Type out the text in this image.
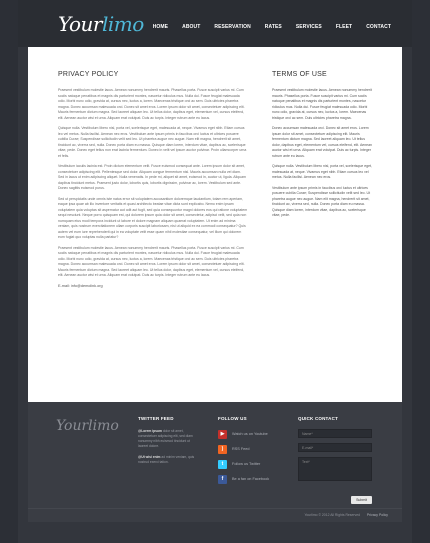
Yourlimo	HOME	ABOUT	RESERVATION	RATES	SERVICES	FLEET	CONTACT
PRIVACY POLICY

Praesent vestibulum molestie lacus. Aenean nonummy hendrerit mauris. Phasellus porta. Fusce suscipit varius mi. Cum sociis natoque penatibus et magnis dis parturient montes, nascetur ridiculus mus. Nulla dui. Fusce feugiat malesuada odio. Morbi nunc odio, gravida at, cursus nec, luctus a, lorem. Maecenas tristique orci ac sem. Duis ultricies pharetra magna. Donec accumsan malesuada orci. Donec sit amet eros. Lorem ipsum dolor sit amet, consectetuer adipiscing elit. Mauris fermentum dictum magna. Sed laoreet aliquam leo. Ut tellus dolor, dapibus eget, elementum vel, cursus eleifend, elit. Aenean auctor wisi et urna. Aliquam erat volutpat. Duis ac turpis. Integer rutrum ante eu lacus.

Quisque nulla. Vestibulum libero nisl, porta vel, scelerisque eget, malesuada at, neque. Vivamus eget nibh. Etiam cursus leo vel metus. Nulla facilisi. Aenean nec eros. Vestibulum ante ipsum primis in faucibus orci luctus et ultrices posuere cubilia Curae; Suspendisse sollicitudin velit sed leo. Ut pharetra augue nec augue. Nam elit magna, hendrerit sit amet, tincidunt ac, viverra sed, nulla. Donec porta diam eu massa. Quisque diam lorem, interdum vitae, dapibus ac, scelerisque vitae, pede. Donec eget tellus non erat lacinia fermentum. Donec in velit vel ipsum auctor pulvinar. Proin ullamcorper urna et felis.

Vestibulum iaculis lacinia est. Proin dictum elementum velit. Fusce euismod consequat ante. Lorem ipsum dolor sit amet, consectetuer adipiscing elit. Pellentesque sed dolor. Aliquam congue fermentum nisl. Mauris accumsan nulla vel diam. Sed in lacus ut enim adipiscing aliquet. Nulla venenatis. In pede mi, aliquet sit amet, euismod in, auctor ut, ligula. Aliquam dapibus tincidunt metus. Praesent justo dolor, lobortis quis, lobortis dignissim, pulvinar ac, lorem. Vestibulum sed ante. Donec sagittis euismod purus.

Sed ut perspiciatis unde omnis iste natus error sit voluptatem accusantium doloremque laudantium, totam rem aperiam, eaque ipsa quae ab illo inventore veritatis et quasi architecto beatae vitae dicta sunt explicabo. Nemo enim ipsam voluptatem quia voluptas sit aspernatur aut odit aut fugit, sed quia consequuntur magni dolores eos qui ratione voluptatem sequi nesciunt. Neque porro quisquam est, qui dolorem ipsum quia dolor sit amet, consectetur, adipisci velit, sed quia non numquam eius modi tempora incidunt ut labore et dolore magnam aliquam quaerat voluptatem. Ut enim ad minima veniam, quis nostrum exercitationem ullam corporis suscipit laboriosam, nisi ut aliquid ex ea commodi consequatur? Quis autem vel eum iure reprehenderit qui in ea voluptate velit esse quam nihil molestiae consequatur, vel illum qui dolorem eum fugiat quo voluptas nulla pariatur?

Praesent vestibulum molestie lacus. Aenean nonummy hendrerit mauris. Phasellus porta. Fusce suscipit varius mi. Cum sociis natoque penatibus et magnis dis parturient montes, nascetur ridiculus mus. Nulla dui. Fusce feugiat malesuada odio. Morbi nunc odio, gravida at, cursus nec, luctus a, lorem. Maecenas tristique orci ac sem. Duis ultricies pharetra magna. Donec accumsan malesuada orci. Donec sit amet eros. Lorem ipsum dolor sit amet, consectetuer adipiscing elit. Mauris fermentum dictum magna. Sed laoreet aliquam leo. Ut tellus dolor, dapibus eget, elementum vel, cursus eleifend, elit. Aenean auctor wisi et urna. Aliquam erat volutpat. Duis ac turpis. Integer rutrum ante eu lacus.

E-mail: info@demolink.org

TERMS OF USE

Praesent vestibulum molestie lacus. Aenean nonummy hendrerit mauris. Phasellus porta. Fusce suscipit varius mi. Cum sociis natoque penatibus et magnis dis parturient montes, nascetur ridiculus mus. Nulla dui. Fusce feugiat malesuada odio. Morbi nunc odio, gravida at, cursus nec, luctus a, lorem. Maecenas tristique orci ac sem. Duis ultricies pharetra magna.

Donec accumsan malesuada orci. Donec sit amet eros. Lorem ipsum dolor sit amet, consectetuer adipiscing elit. Mauris fermentum dictum magna. Sed laoreet aliquam leo. Ut tellus dolor, dapibus eget, elementum vel, cursus eleifend, elit. Aenean auctor wisi et urna. Aliquam erat volutpat. Duis ac turpis. Integer rutrum ante eu lacus.

Quisque nulla. Vestibulum libero nisl, porta vel, scelerisque eget, malesuada at, neque. Vivamus eget nibh. Etiam cursus leo vel metus. Nulla facilisi. Aenean nec eros.

Vestibulum ante ipsum primis in faucibus orci luctus et ultrices posuere cubilia Curae; Suspendisse sollicitudin velit sed leo. Ut pharetra augue nec augue. Nam elit magna, hendrerit sit amet, tincidunt ac, viverra sed, nulla. Donec porta diam eu massa. Quisque diam lorem, interdum vitae, dapibus ac, scelerisque vitae, pede.

Yourlimo	TWITTER FEED

@Lorem ipsum dolor sit amet, consectetuer adipiscing elit, sed diam nonummy nibh euismod tincidunt ut laoreet dolore.

@Ut wisi enim ad minim veniam, quis nostrud exerci tation.

FOLLOW US
▶	Watch us on Youtube
)	RSS Feed
t	Follow us Twitter
f	Be a fan on Facebook
QUICK CONTACT
Name*
E-mail*
Text*
Submit
Yourlimo © 2012 All Rights Reserved Privacy Policy
